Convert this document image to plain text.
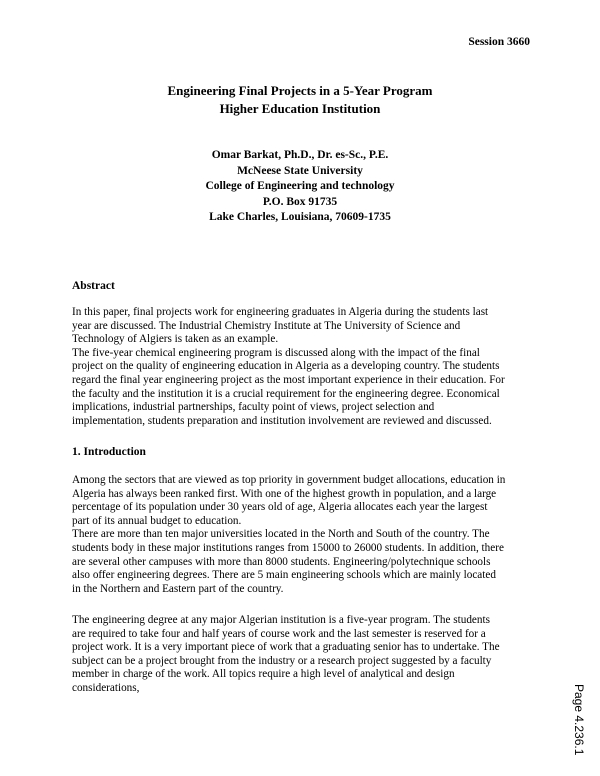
Session 3660
Engineering Final Projects in a 5-Year Program
Higher Education Institution
Omar Barkat, Ph.D., Dr. es-Sc., P.E.
McNeese State University
College of Engineering and technology
P.O. Box 91735
Lake Charles, Louisiana, 70609-1735
Abstract
In this paper, final projects work for engineering graduates in Algeria during the students last
year are discussed. The Industrial Chemistry Institute at The University of Science and
Technology of Algiers is taken as an example.
The five-year chemical engineering program is discussed along with the impact of the final
project on the quality of engineering education in Algeria as a developing country. The students
regard the final year engineering project as the most important experience in their education. For
the faculty and the institution it is a crucial requirement for the engineering degree. Economical
implications, industrial partnerships, faculty point of views, project selection and
implementation, students preparation and institution involvement are reviewed and discussed.
1. Introduction
Among the sectors that are viewed as top priority in government budget allocations, education in
Algeria has always been ranked first. With one of the highest growth in population, and a large
percentage of its population under 30 years old of age, Algeria allocates each year the largest
part of its annual budget to education.
There are more than ten major universities located in the North and South of the country. The
students body in these major institutions ranges from 15000 to 26000 students. In addition, there
are several other campuses with more than 8000 students. Engineering/polytechnique schools
also offer engineering degrees. There are 5 main engineering schools which are mainly located
in the Northern and Eastern part of the country.
The engineering degree at any major Algerian institution is a five-year program. The students
are required to take four and half years of course work and the last semester is reserved for a
project work. It is a very important piece of work that a graduating senior has to undertake. The
subject can be a project brought from the industry or a research project suggested by a faculty
member in charge of the work. All topics require a high level of analytical and design
considerations,	Page 4.236.1
